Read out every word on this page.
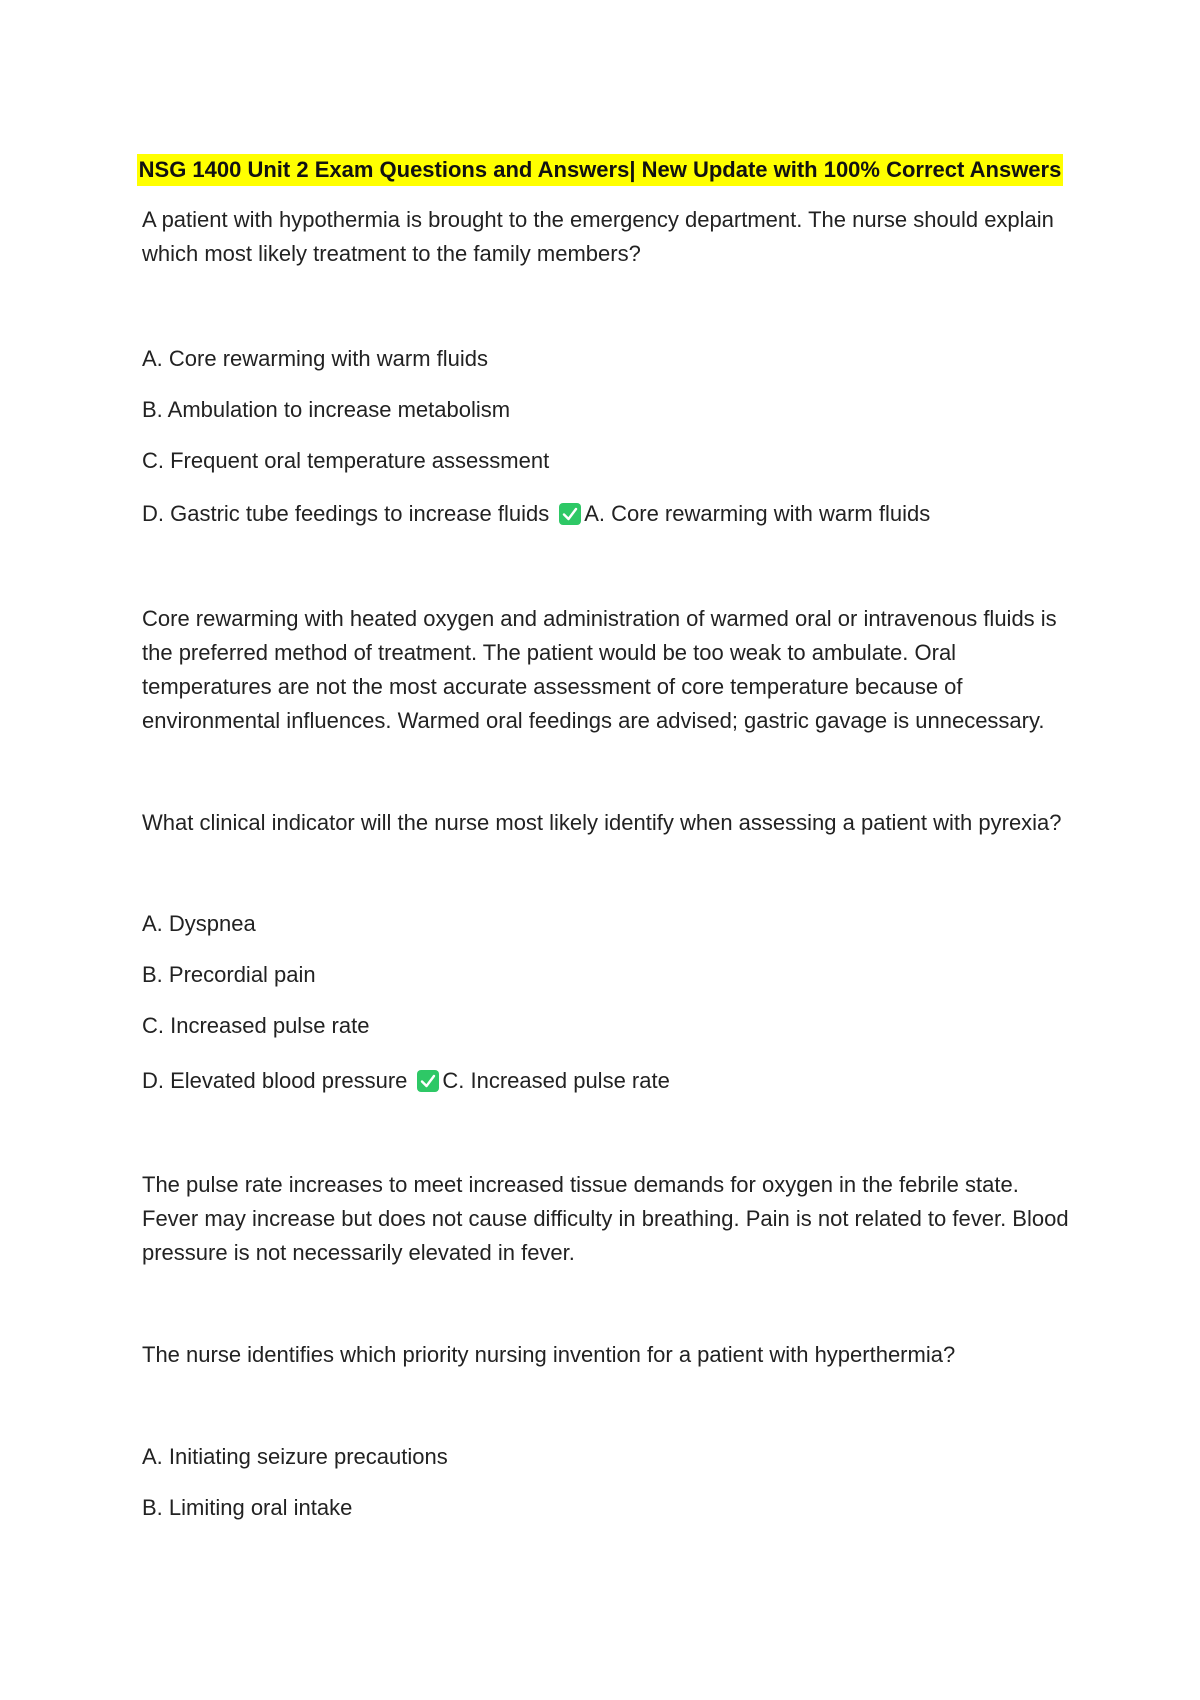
NSG 1400 Unit 2 Exam Questions and Answers| New Update with 100% Correct Answers
A patient with hypothermia is brought to the emergency department. The nurse should explain which most likely treatment to the family members?
A. Core rewarming with warm fluids
B. Ambulation to increase metabolism
C. Frequent oral temperature assessment
D. Gastric tube feedings to increase fluids A. Core rewarming with warm fluids
Core rewarming with heated oxygen and administration of warmed oral or intravenous fluids is the preferred method of treatment. The patient would be too weak to ambulate. Oral temperatures are not the most accurate assessment of core temperature because of environmental influences. Warmed oral feedings are advised; gastric gavage is unnecessary.
What clinical indicator will the nurse most likely identify when assessing a patient with pyrexia?
A. Dyspnea
B. Precordial pain
C. Increased pulse rate
D. Elevated blood pressure C. Increased pulse rate
The pulse rate increases to meet increased tissue demands for oxygen in the febrile state. Fever may increase but does not cause difficulty in breathing. Pain is not related to fever. Blood pressure is not necessarily elevated in fever.
The nurse identifies which priority nursing invention for a patient with hyperthermia?
A. Initiating seizure precautions
B. Limiting oral intake
